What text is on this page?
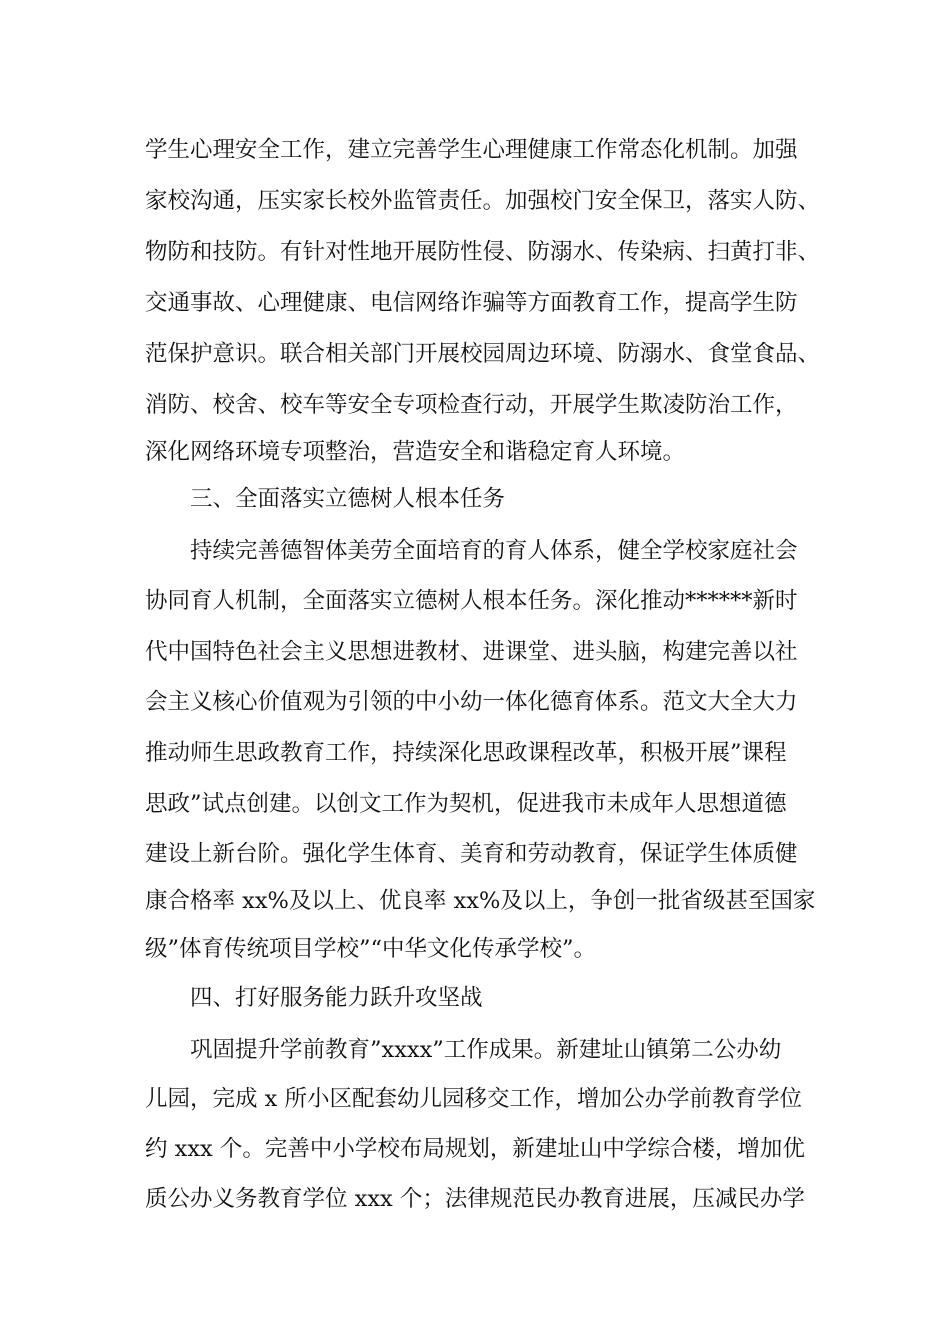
学生心理安全工作，建立完善学生心理健康工作常态化机制。加强
家校沟通，压实家长校外监管责任。加强校门安全保卫，落实人防、
物防和技防。有针对性地开展防性侵、防溺水、传染病、扫黄打非、
交通事故、心理健康、电信网络诈骗等方面教育工作，提高学生防
范保护意识。联合相关部门开展校园周边环境、防溺水、食堂食品、
消防、校舍、校车等安全专项检查行动，开展学生欺凌防治工作，
深化网络环境专项整治，营造安全和谐稳定育人环境。
三、全面落实立德树人根本任务
持续完善德智体美劳全面培育的育人体系，健全学校家庭社会
协同育人机制，全面落实立德树人根本任务。深化推动******新时
代中国特色社会主义思想进教材、进课堂、进头脑，构建完善以社
会主义核心价值观为引领的中小幼一体化德育体系。范文大全大力
推动师生思政教育工作，持续深化思政课程改革，积极开展”课程
思政”试点创建。以创文工作为契机，促进我市未成年人思想道德
建设上新台阶。强化学生体育、美育和劳动教育，保证学生体质健
康合格率 xx%及以上、优良率 xx%及以上，争创一批省级甚至国家
级”体育传统项目学校”“中华文化传承学校”。
四、打好服务能力跃升攻坚战
巩固提升学前教育”xxxx”工作成果。新建址山镇第二公办幼
儿园，完成 x 所小区配套幼儿园移交工作，增加公办学前教育学位
约 xxx 个。完善中小学校布局规划，新建址山中学综合楼，增加优
质公办义务教育学位 xxx 个；法律规范民办教育进展，压减民办学
